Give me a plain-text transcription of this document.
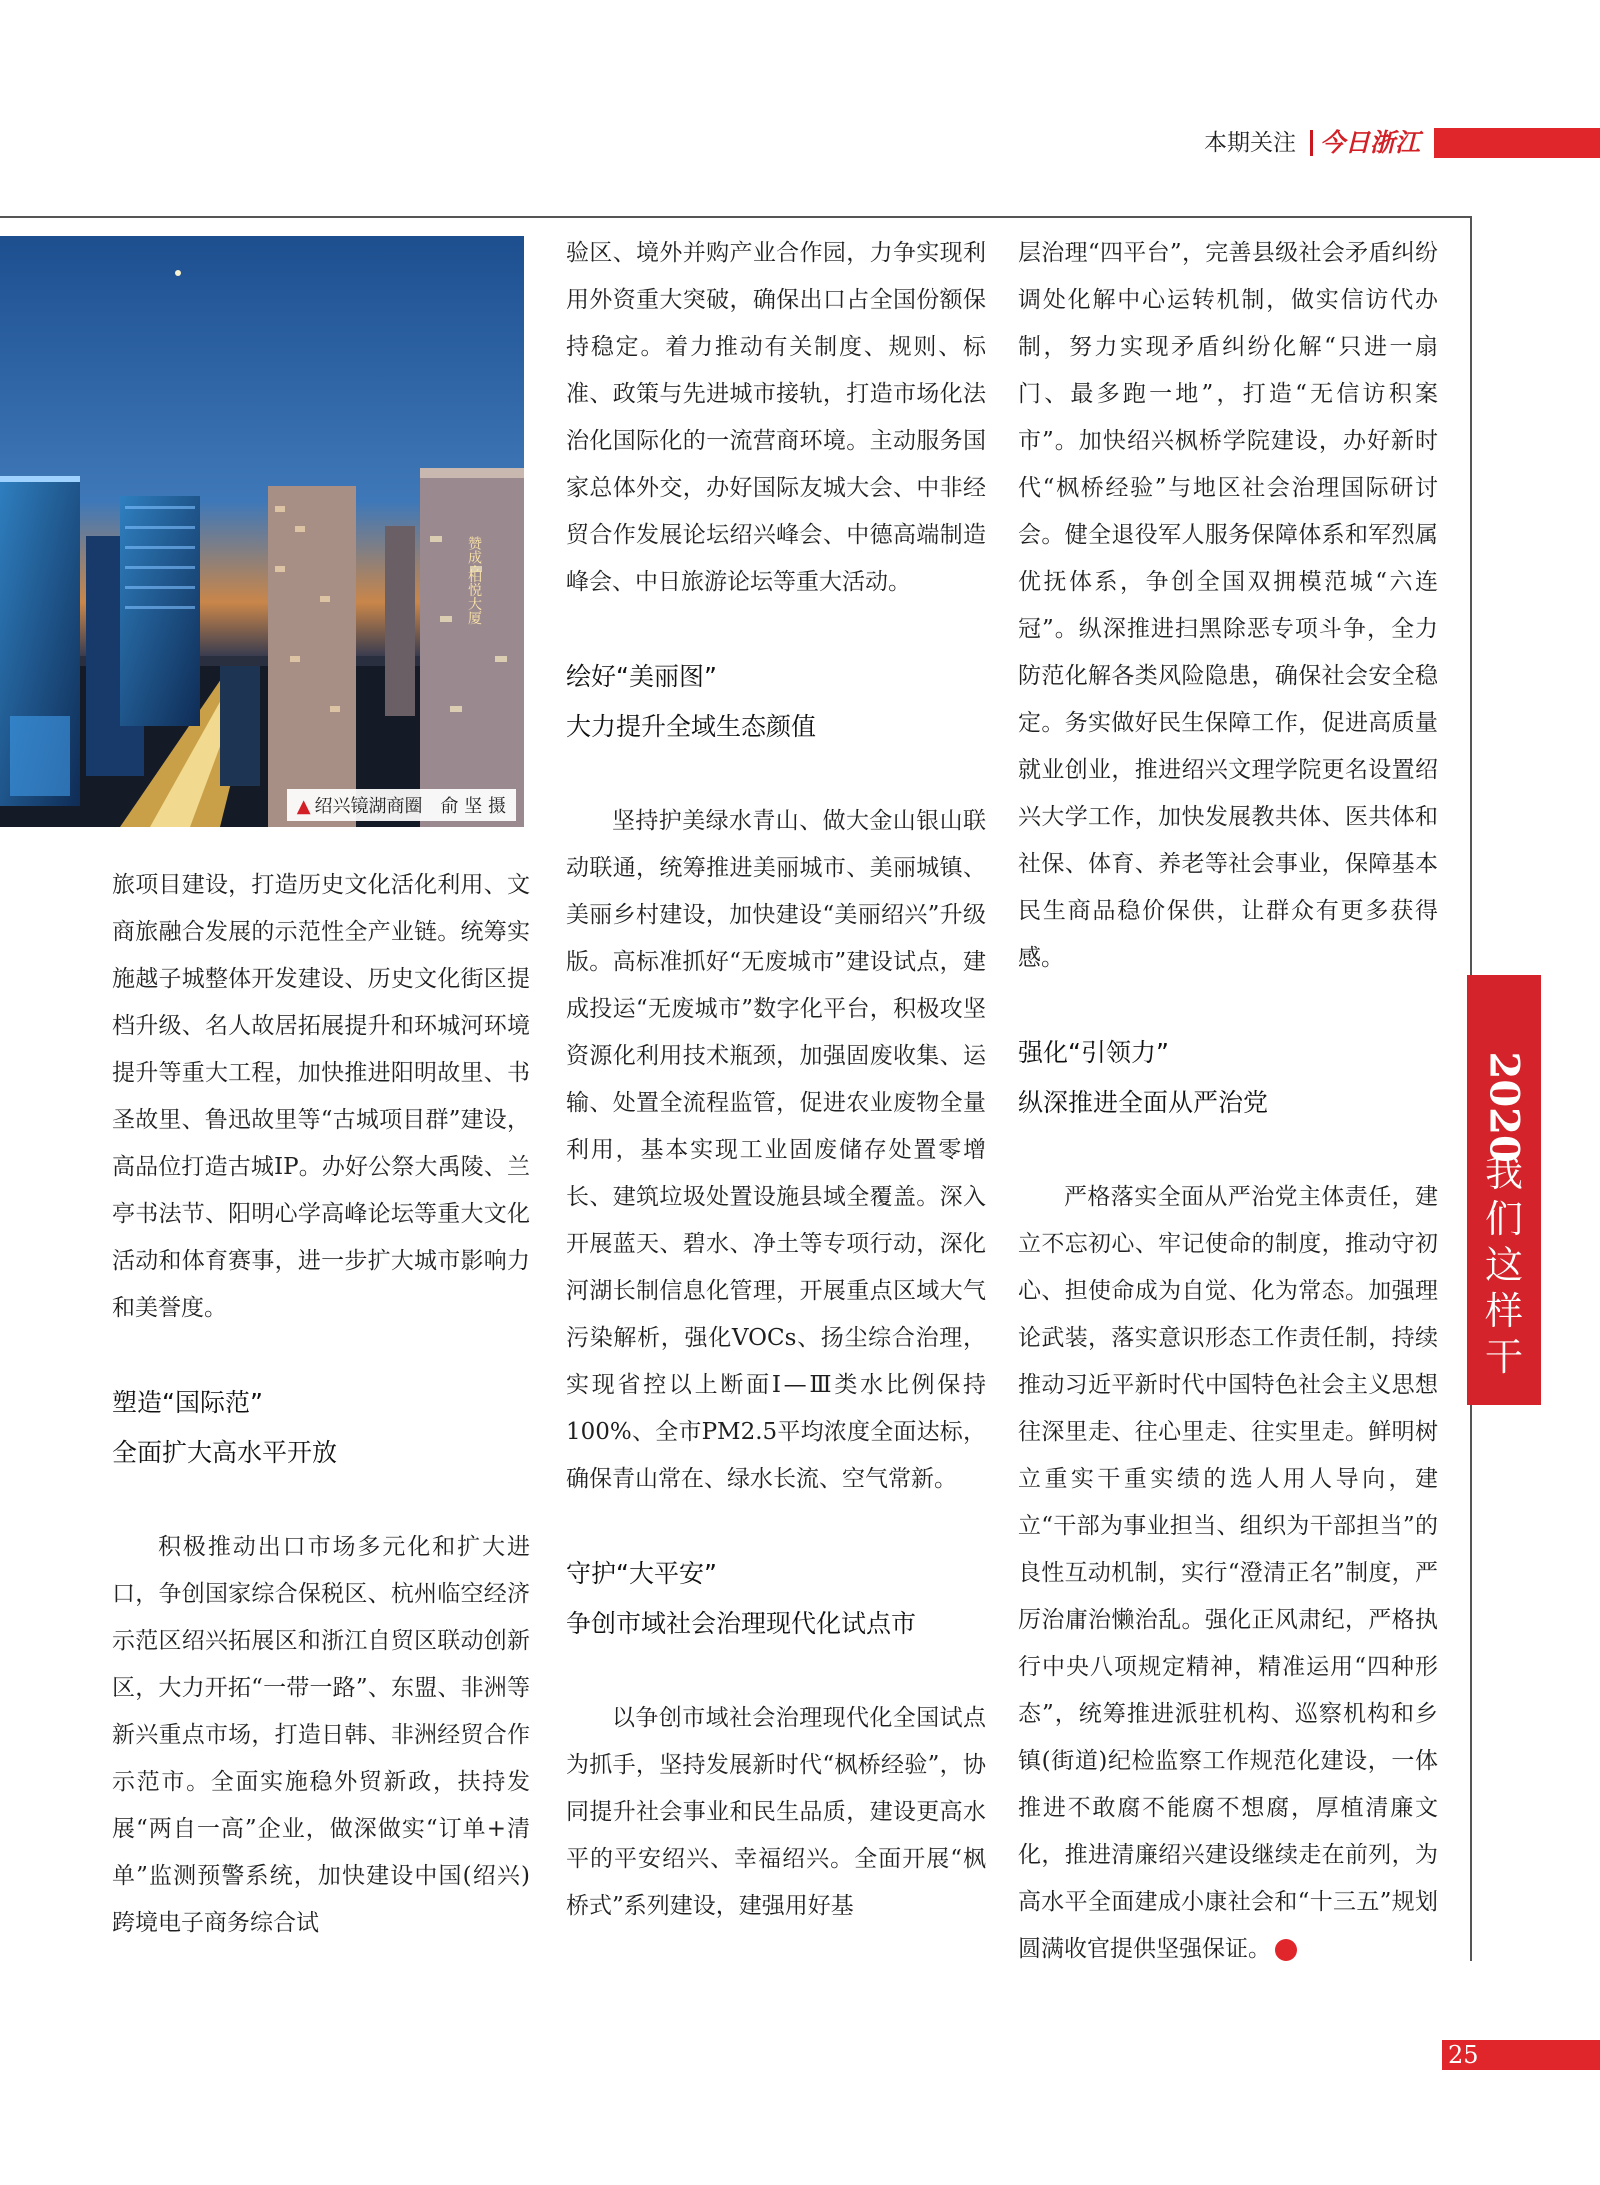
本期关注 今日浙江
赞成·柏悦大厦
▲ 绍兴镜湖商圈　俞 坚 摄

旅项目建设，打造历史文化活化利用、文商旅融合发展的示范性全产业链。统筹实施越子城整体开发建设、历史文化街区提档升级、名人故居拓展提升和环城河环境提升等重大工程，加快推进阳明故里、书圣故里、鲁迅故里等“古城项目群”建设，高品位打造古城IP。办好公祭大禹陵、兰亭书法节、阳明心学高峰论坛等重大文化活动和体育赛事，进一步扩大城市影响力和美誉度。

塑造“国际范”
全面扩大高水平开放

积极推动出口市场多元化和扩大进口，争创国家综合保税区、杭州临空经济示范区绍兴拓展区和浙江自贸区联动创新区，大力开拓“一带一路”、东盟、非洲等新兴重点市场，打造日韩、非洲经贸合作示范市。全面实施稳外贸新政，扶持发展“两自一高”企业，做深做实“订单+清单”监测预警系统，加快建设中国(绍兴)跨境电子商务综合试

验区、境外并购产业合作园，力争实现利用外资重大突破，确保出口占全国份额保持稳定。着力推动有关制度、规则、标准、政策与先进城市接轨，打造市场化法治化国际化的一流营商环境。主动服务国家总体外交，办好国际友城大会、中非经贸合作发展论坛绍兴峰会、中德高端制造峰会、中日旅游论坛等重大活动。

绘好“美丽图”
大力提升全域生态颜值

坚持护美绿水青山、做大金山银山联动联通，统筹推进美丽城市、美丽城镇、美丽乡村建设，加快建设“美丽绍兴”升级版。高标准抓好“无废城市”建设试点，建成投运“无废城市”数字化平台，积极攻坚资源化利用技术瓶颈，加强固废收集、运输、处置全流程监管，促进农业废物全量利用，基本实现工业固废储存处置零增长、建筑垃圾处置设施县域全覆盖。深入开展蓝天、碧水、净土等专项行动，深化河湖长制信息化管理，开展重点区域大气污染解析，强化VOCs、扬尘综合治理，实现省控以上断面Ⅰ—Ⅲ类水比例保持100%、全市PM2.5平均浓度全面达标，确保青山常在、绿水长流、空气常新。

守护“大平安”
争创市域社会治理现代化试点市

以争创市域社会治理现代化全国试点为抓手，坚持发展新时代“枫桥经验”，协同提升社会事业和民生品质，建设更高水平的平安绍兴、幸福绍兴。全面开展“枫桥式”系列建设，建强用好基

层治理“四平台”，完善县级社会矛盾纠纷调处化解中心运转机制，做实信访代办制，努力实现矛盾纠纷化解“只进一扇门、最多跑一地”，打造“无信访积案市”。加快绍兴枫桥学院建设，办好新时代“枫桥经验”与地区社会治理国际研讨会。健全退役军人服务保障体系和军烈属优抚体系，争创全国双拥模范城“六连冠”。纵深推进扫黑除恶专项斗争，全力防范化解各类风险隐患，确保社会安全稳定。务实做好民生保障工作，促进高质量就业创业，推进绍兴文理学院更名设置绍兴大学工作，加快发展教共体、医共体和社保、体育、养老等社会事业，保障基本民生商品稳价保供，让群众有更多获得感。

强化“引领力”
纵深推进全面从严治党

严格落实全面从严治党主体责任，建立不忘初心、牢记使命的制度，推动守初心、担使命成为自觉、化为常态。加强理论武装，落实意识形态工作责任制，持续推动习近平新时代中国特色社会主义思想往深里走、往心里走、往实里走。鲜明树立重实干重实绩的选人用人导向，建立“干部为事业担当、组织为干部担当”的良性互动机制，实行“澄清正名”制度，严厉治庸治懒治乱。强化正风肃纪，严格执行中央八项规定精神，精准运用“四种形态”，统筹推进派驻机构、巡察机构和乡镇(街道)纪检监察工作规范化建设，一体推进不敢腐不能腐不想腐，厚植清廉文化，推进清廉绍兴建设继续走在前列，为高水平全面建成小康社会和“十三五”规划圆满收官提供坚强保证。	今

2020
我
们
这
样
干
25
